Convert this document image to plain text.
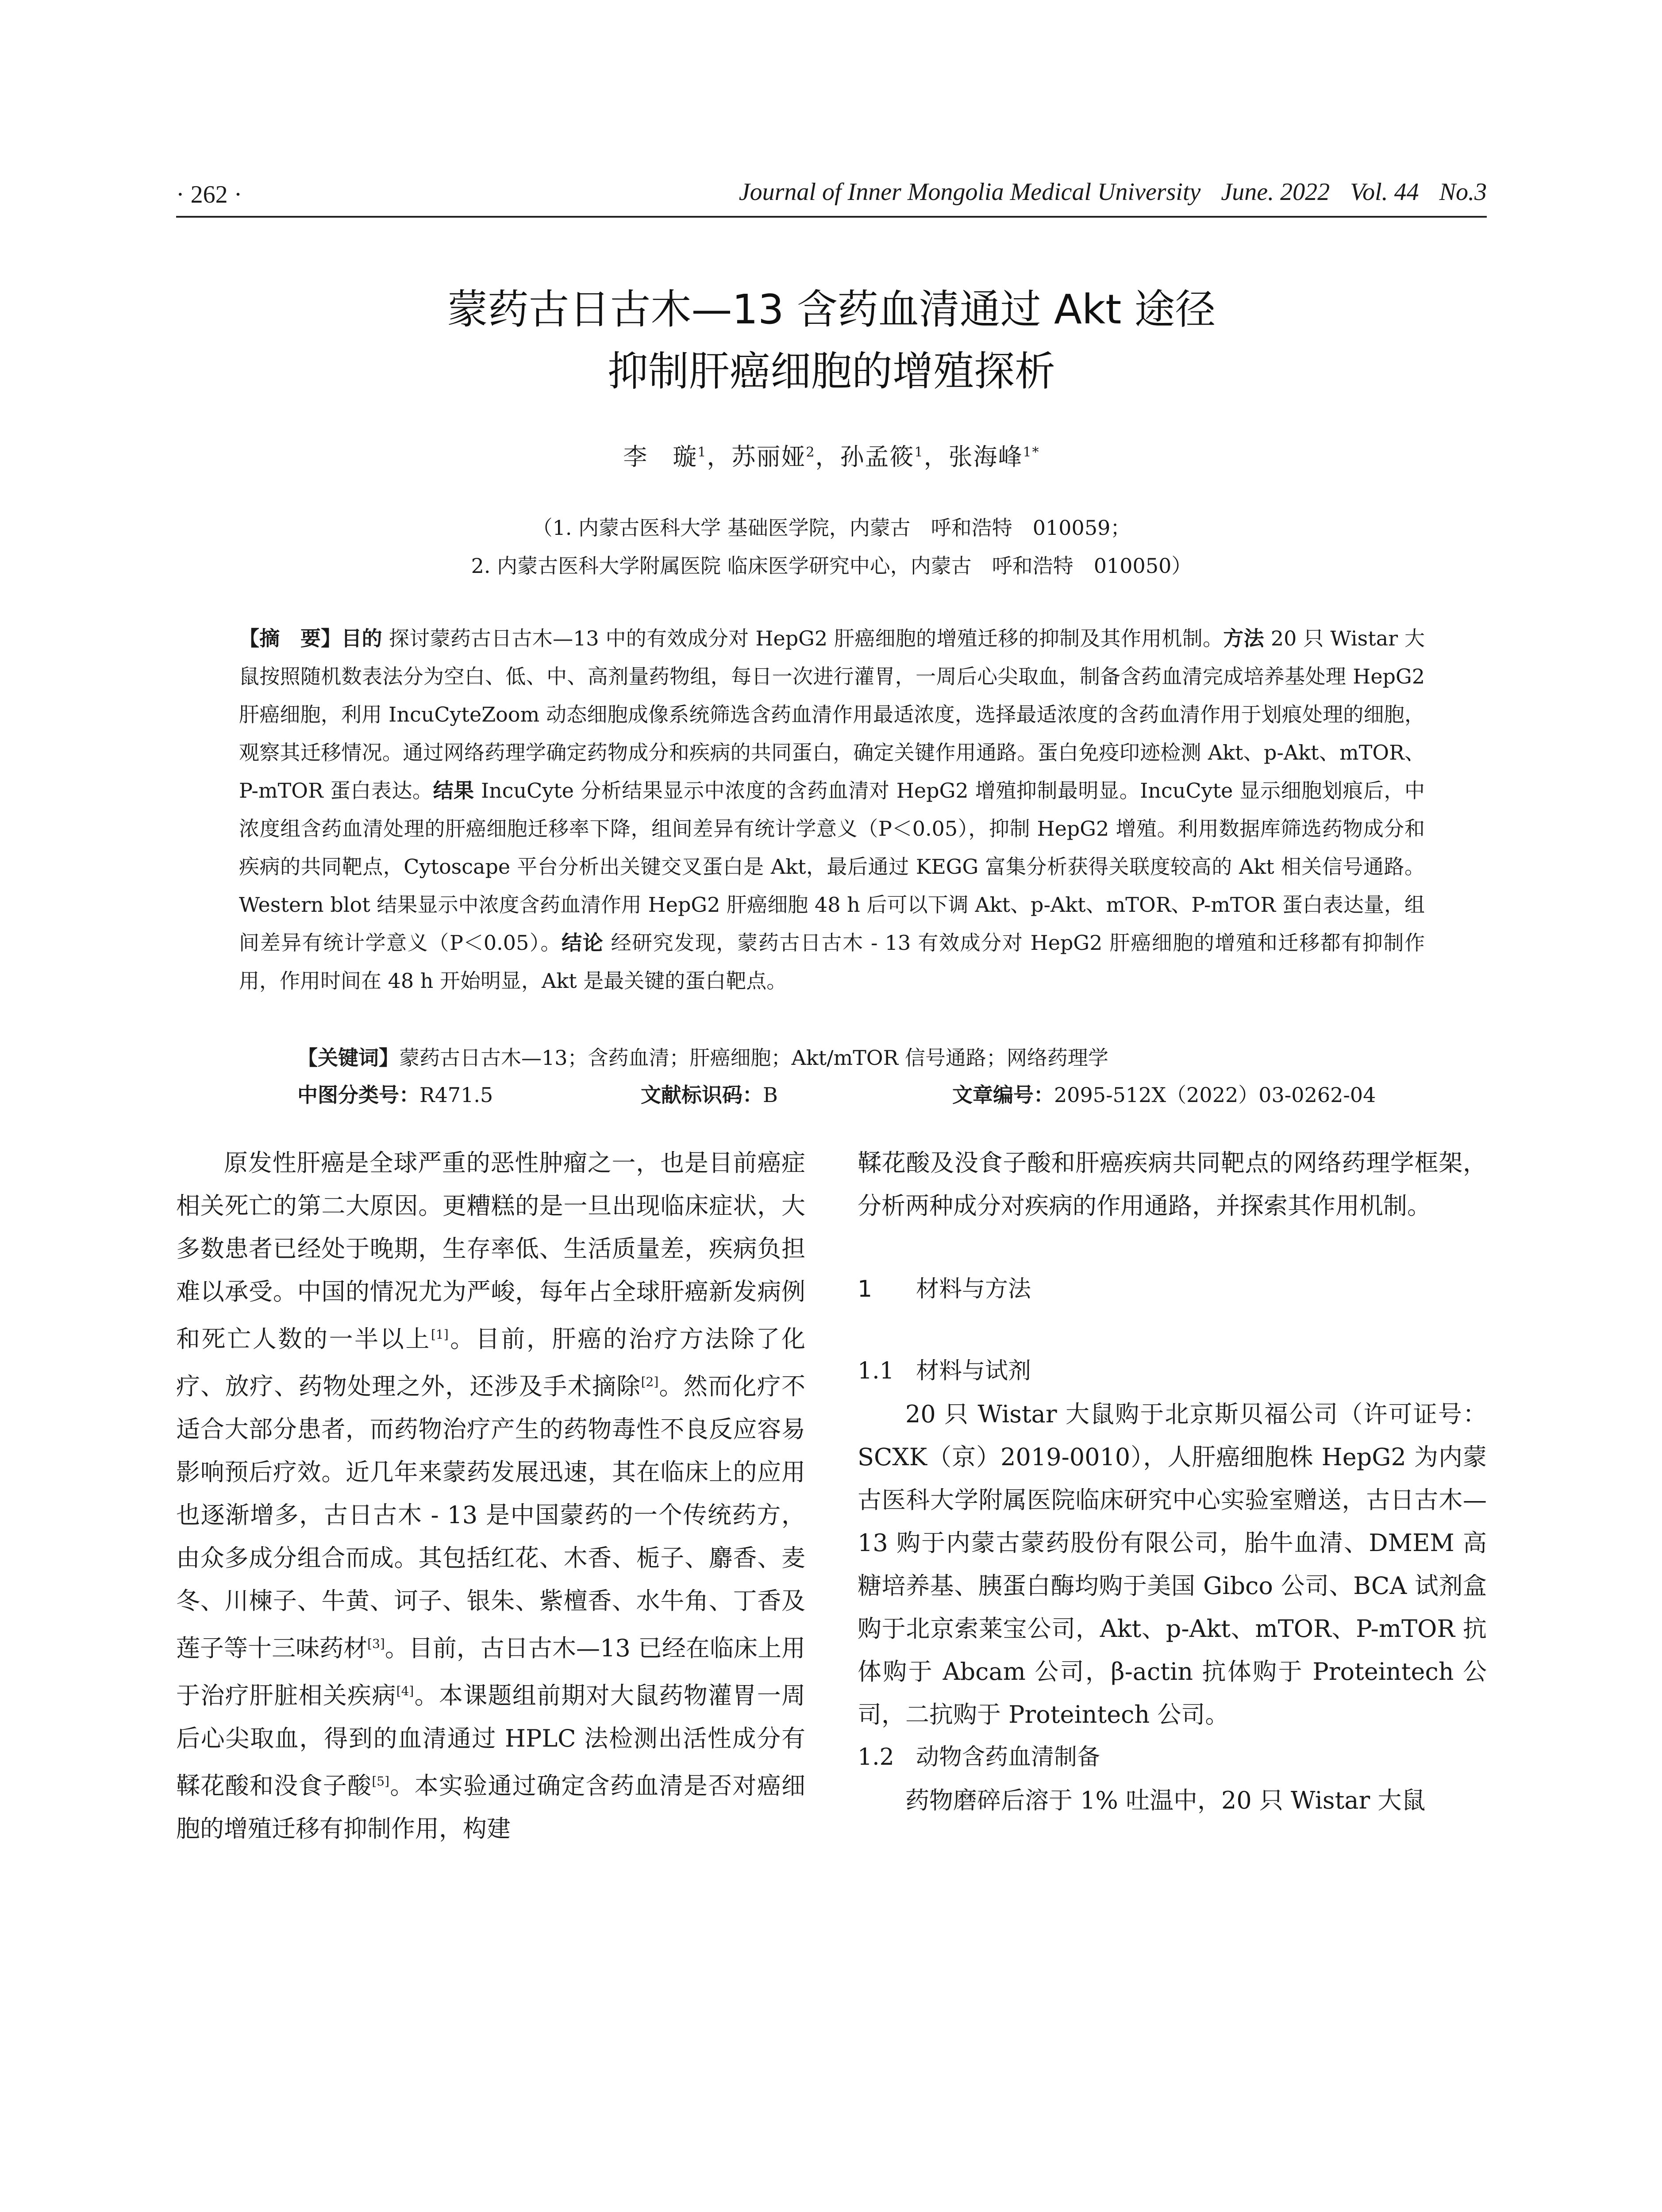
· 262 ·	Journal of Inner Mongolia Medical University June. 2022 Vol. 44 No.3
蒙药古日古木—13 含药血清通过 Akt 途径
抑制肝癌细胞的增殖探析
李　璇$^1$，苏丽娅$^2$，孙孟筱$^1$，张海峰$^{1*}$
（1. 内蒙古医科大学 基础医学院，内蒙古　呼和浩特　010059；
2. 内蒙古医科大学附属医院 临床医学研究中心，内蒙古　呼和浩特　010050）
【摘　要】目的 探讨蒙药古日古木—13 中的有效成分对 HepG2 肝癌细胞的增殖迁移的抑制及其作用机制。方法 20 只 Wistar 大鼠按照随机数表法分为空白、低、中、高剂量药物组，每日一次进行灌胃，一周后心尖取血，制备含药血清完成培养基处理 HepG2 肝癌细胞，利用 IncuCyteZoom 动态细胞成像系统筛选含药血清作用最适浓度，选择最适浓度的含药血清作用于划痕处理的细胞，观察其迁移情况。通过网络药理学确定药物成分和疾病的共同蛋白，确定关键作用通路。蛋白免疫印迹检测 Akt、p-Akt、mTOR、P-mTOR 蛋白表达。结果 IncuCyte 分析结果显示中浓度的含药血清对 HepG2 增殖抑制最明显。IncuCyte 显示细胞划痕后，中浓度组含药血清处理的肝癌细胞迁移率下降，组间差异有统计学意义（P＜0.05），抑制 HepG2 增殖。利用数据库筛选药物成分和疾病的共同靶点，Cytoscape 平台分析出关键交叉蛋白是 Akt，最后通过 KEGG 富集分析获得关联度较高的 Akt 相关信号通路。Western blot 结果显示中浓度含药血清作用 HepG2 肝癌细胞 48 h 后可以下调 Akt、p-Akt、mTOR、P-mTOR 蛋白表达量，组间差异有统计学意义（P＜0.05）。结论 经研究发现，蒙药古日古木 - 13 有效成分对 HepG2 肝癌细胞的增殖和迁移都有抑制作用，作用时间在 48 h 开始明显，Akt 是最关键的蛋白靶点。
【关键词】蒙药古日古木—13；含药血清；肝癌细胞；Akt/mTOR 信号通路；网络药理学
中图分类号：R471.5	文献标识码：B	文章编号：2095-512X（2022）03-0262-04

原发性肝癌是全球严重的恶性肿瘤之一，也是目前癌症相关死亡的第二大原因。更糟糕的是一旦出现临床症状，大多数患者已经处于晚期，生存率低、生活质量差，疾病负担难以承受。中国的情况尤为严峻，每年占全球肝癌新发病例和死亡人数的一半以上[1]。目前，肝癌的治疗方法除了化疗、放疗、药物处理之外，还涉及手术摘除[2]。然而化疗不适合大部分患者，而药物治疗产生的药物毒性不良反应容易影响预后疗效。近几年来蒙药发展迅速，其在临床上的应用也逐渐增多，古日古木 - 13 是中国蒙药的一个传统药方，由众多成分组合而成。其包括红花、木香、栀子、麝香、麦冬、川楝子、牛黄、诃子、银朱、紫檀香、水牛角、丁香及莲子等十三味药材[3]。目前，古日古木—13 已经在临床上用于治疗肝脏相关疾病[4]。本课题组前期对大鼠药物灌胃一周后心尖取血，得到的血清通过 HPLC 法检测出活性成分有鞣花酸和没食子酸[5]。本实验通过确定含药血清是否对癌细胞的增殖迁移有抑制作用，构建

鞣花酸及没食子酸和肝癌疾病共同靶点的网络药理学框架，分析两种成分对疾病的作用通路，并探索其作用机制。

1 材料与方法
1.1 材料与试剂

20 只 Wistar 大鼠购于北京斯贝福公司（许可证号：SCXK（京）2019-0010），人肝癌细胞株 HepG2 为内蒙古医科大学附属医院临床研究中心实验室赠送，古日古木—13 购于内蒙古蒙药股份有限公司，胎牛血清、DMEM 高糖培养基、胰蛋白酶均购于美国 Gibco 公司、BCA 试剂盒购于北京索莱宝公司，Akt、p-Akt、mTOR、P-mTOR 抗体购于 Abcam 公司，β-actin 抗体购于 Proteintech 公司，二抗购于 Proteintech 公司。

1.2 动物含药血清制备

药物磨碎后溶于 1% 吐温中，20 只 Wistar 大鼠
